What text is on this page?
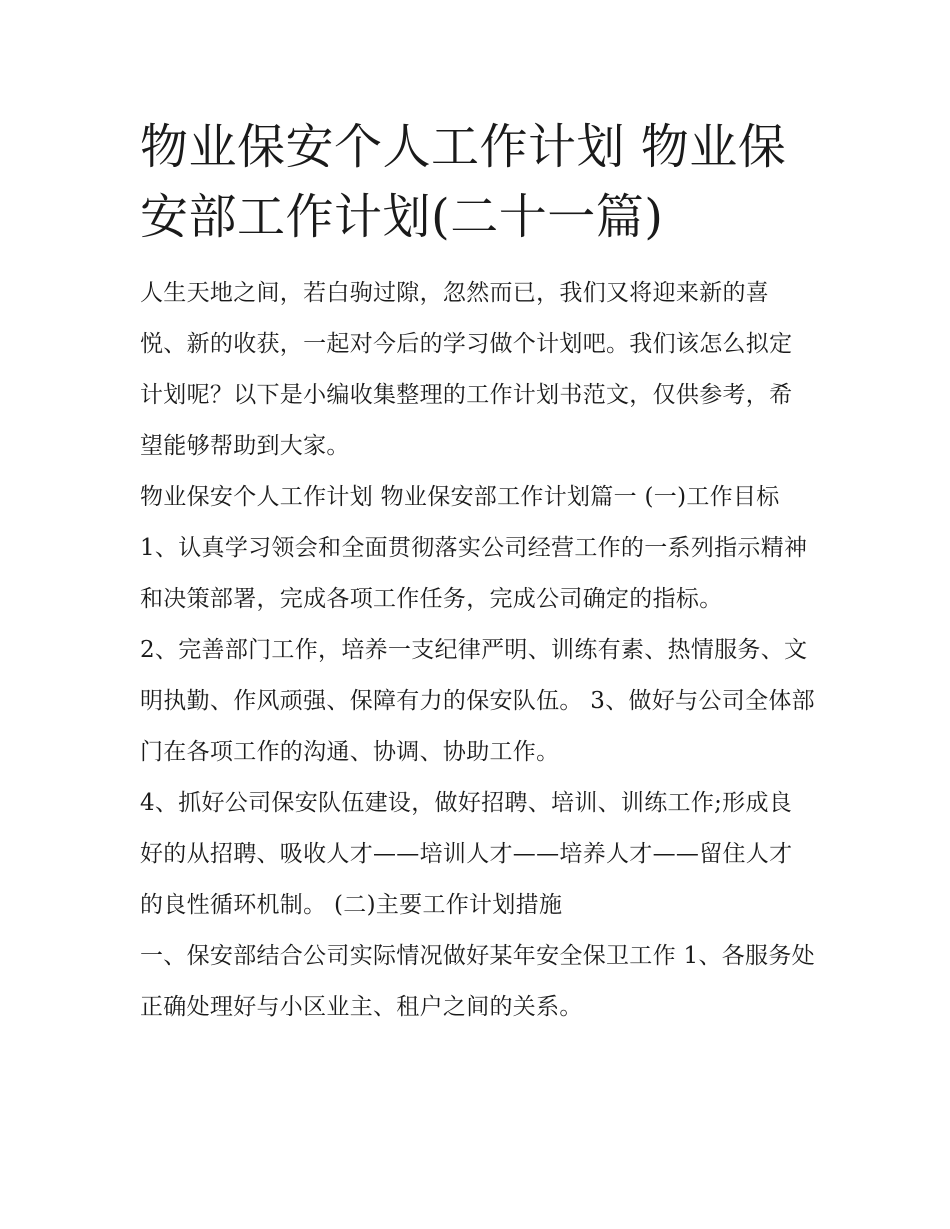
物业保安个人工作计划 物业保安部工作计划(二十一篇)

人生天地之间，若白驹过隙，忽然而已，我们又将迎来新的喜悦、新的收获，一起对今后的学习做个计划吧。我们该怎么拟定计划呢？以下是小编收集整理的工作计划书范文，仅供参考，希望能够帮助到大家。

物业保安个人工作计划 物业保安部工作计划篇一 (一)工作目标

1、认真学习领会和全面贯彻落实公司经营工作的一系列指示精神和决策部署，完成各项工作任务，完成公司确定的指标。

2、完善部门工作，培养一支纪律严明、训练有素、热情服务、文明执勤、作风顽强、保障有力的保安队伍。 3、做好与公司全体部门在各项工作的沟通、协调、协助工作。

4、抓好公司保安队伍建设，做好招聘、培训、训练工作;形成良好的从招聘、吸收人才——培训人才——培养人才——留住人才的良性循环机制。 (二)主要工作计划措施

一、保安部结合公司实际情况做好某年安全保卫工作 1、各服务处正确处理好与小区业主、租户之间的关系。
